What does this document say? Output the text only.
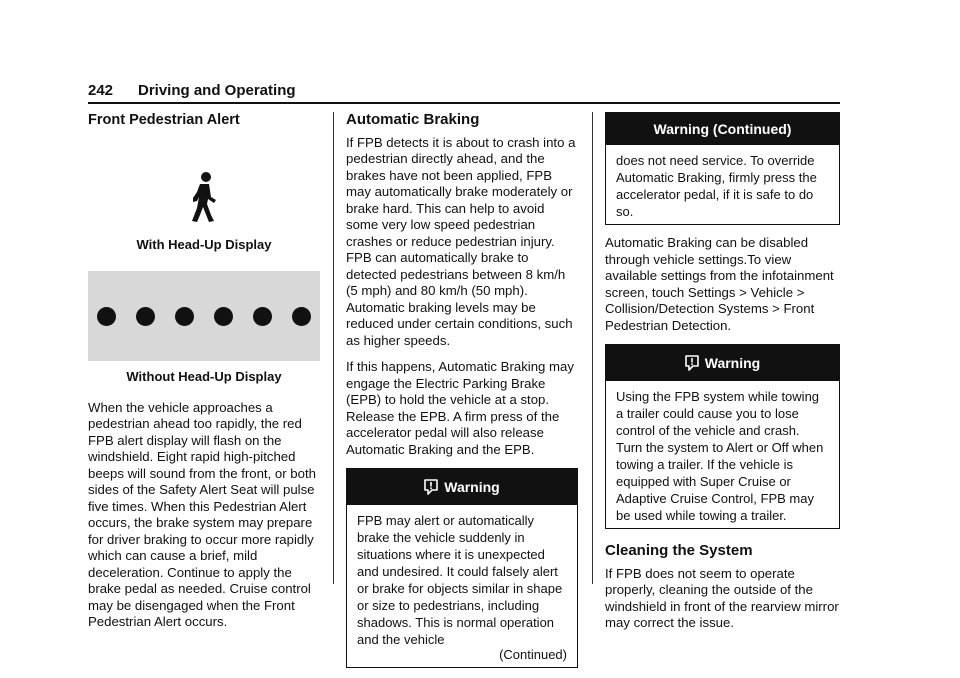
242 Driving and Operating
Front Pedestrian Alert
With Head-Up Display
Without Head-Up Display

When the vehicle approaches a pedestrian ahead too rapidly, the red FPB alert display will flash on the windshield. Eight rapid high-pitched beeps will sound from the front, or both sides of the Safety Alert Seat will pulse five times. When this Pedestrian Alert occurs, the brake system may prepare for driver braking to occur more rapidly which can cause a brief, mild deceleration. Continue to apply the brake pedal as needed. Cruise control may be disengaged when the Front Pedestrian Alert occurs.

Automatic Braking

If FPB detects it is about to crash into a pedestrian directly ahead, and the brakes have not been applied, FPB may automatically brake moderately or brake hard. This can help to avoid some very low speed pedestrian crashes or reduce pedestrian injury. FPB can automatically brake to detected pedestrians between 8 km/h (5 mph) and 80 km/h (50 mph). Automatic braking levels may be reduced under certain conditions, such as higher speeds.

If this happens, Automatic Braking may engage the Electric Parking Brake (EPB) to hold the vehicle at a stop. Release the EPB. A firm press of the accelerator pedal will also release Automatic Braking and the EPB.

Warning
FPB may alert or automatically brake the vehicle suddenly in situations where it is unexpected and undesired. It could falsely alert or brake for objects similar in shape or size to pedestrians, including shadows. This is normal operation and the vehicle
(Continued)
Warning (Continued)
does not need service. To override Automatic Braking, firmly press the accelerator pedal, if it is safe to do so.

Automatic Braking can be disabled through vehicle settings.To view available settings from the infotainment screen, touch Settings > Vehicle > Collision/Detection Systems > Front Pedestrian Detection.

Warning
Using the FPB system while towing a trailer could cause you to lose control of the vehicle and crash. Turn the system to Alert or Off when towing a trailer. If the vehicle is equipped with Super Cruise or Adaptive Cruise Control, FPB may be used while towing a trailer.
Cleaning the System

If FPB does not seem to operate properly, cleaning the outside of the windshield in front of the rearview mirror may correct the issue.
